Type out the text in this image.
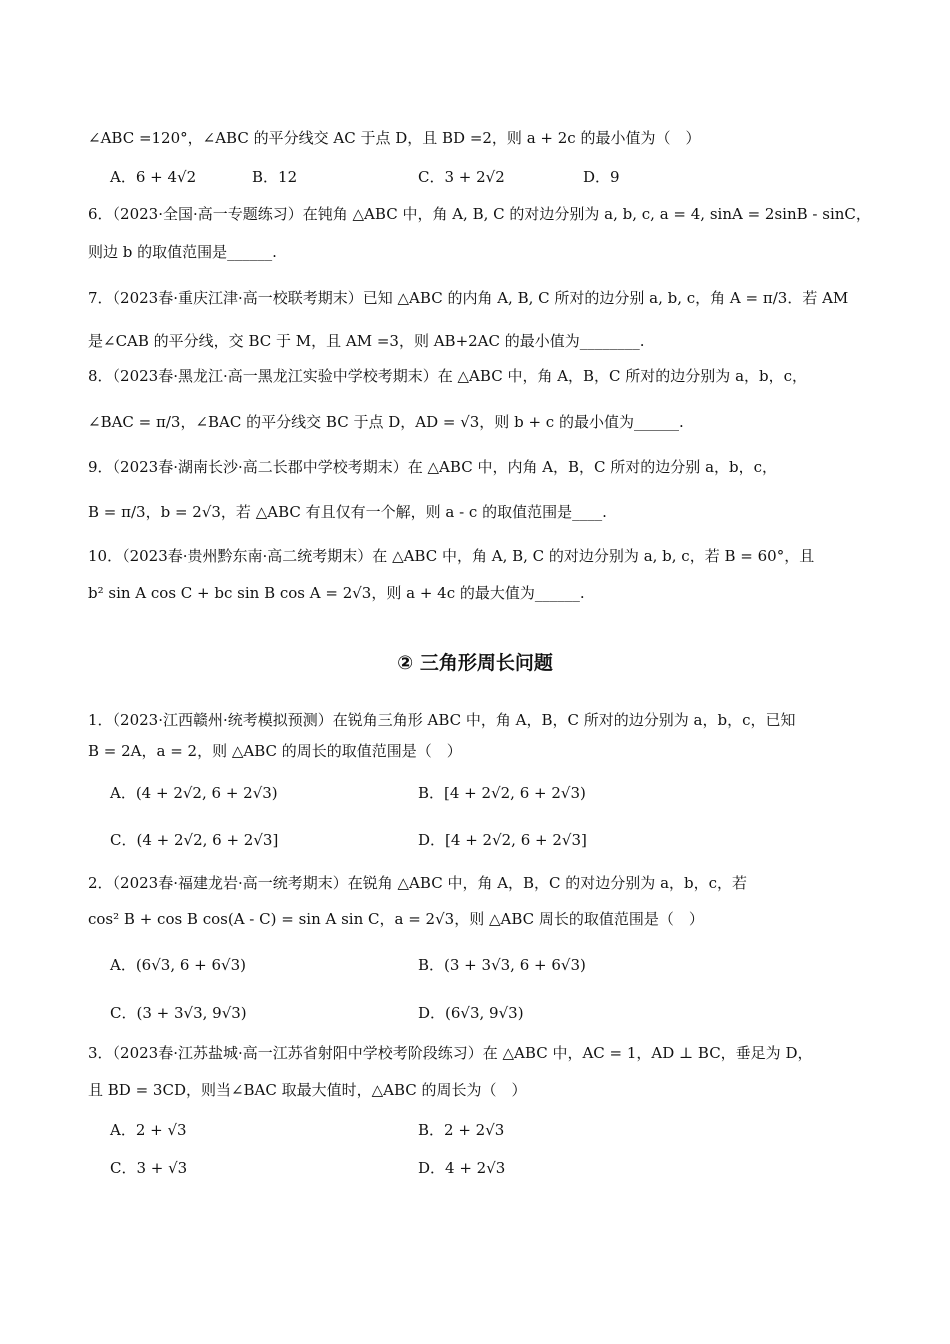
∠ABC =120°，∠ABC 的平分线交 AC 于点 D，且 BD =2，则 a + 2c 的最小值为（　）
A．6 + 4√2	B．12	C．3 + 2√2	D．9
6．（2023·全国·高一专题练习）在钝角 △ABC 中，角 A, B, C 的对边分别为 a, b, c, a = 4, sinA = 2sinB - sinC，
则边 b 的取值范围是______.
7．（2023春·重庆江津·高一校联考期末）已知 △ABC 的内角 A, B, C 所对的边分别 a, b, c，角 A = π/3．若 AM
是∠CAB 的平分线，交 BC 于 M，且 AM =3，则 AB+2AC 的最小值为________.
8．（2023春·黑龙江·高一黑龙江实验中学校考期末）在 △ABC 中，角 A，B，C 所对的边分别为 a，b，c，
∠BAC = π/3，∠BAC 的平分线交 BC 于点 D，AD = √3，则 b + c 的最小值为______.
9．（2023春·湖南长沙·高二长郡中学校考期末）在 △ABC 中，内角 A，B，C 所对的边分别 a，b，c，
B = π/3，b = 2√3，若 △ABC 有且仅有一个解，则 a - c 的取值范围是____.
10．（2023春·贵州黔东南·高二统考期末）在 △ABC 中，角 A, B, C 的对边分别为 a, b, c，若 B = 60°，且
b² sin A cos C + bc sin B cos A = 2√3，则 a + 4c 的最大值为______.
② 三角形周长问题
1．（2023·江西赣州·统考模拟预测）在锐角三角形 ABC 中，角 A，B，C 所对的边分别为 a，b，c，已知
B = 2A，a = 2，则 △ABC 的周长的取值范围是（　）
A．(4 + 2√2, 6 + 2√3)	B．[4 + 2√2, 6 + 2√3)
C．(4 + 2√2, 6 + 2√3]	D．[4 + 2√2, 6 + 2√3]
2．（2023春·福建龙岩·高一统考期末）在锐角 △ABC 中，角 A，B，C 的对边分别为 a，b，c，若
cos² B + cos B cos(A - C) = sin A sin C，a = 2√3，则 △ABC 周长的取值范围是（　）
A．(6√3, 6 + 6√3)	B．(3 + 3√3, 6 + 6√3)
C．(3 + 3√3, 9√3)	D．(6√3, 9√3)
3．（2023春·江苏盐城·高一江苏省射阳中学校考阶段练习）在 △ABC 中，AC = 1，AD ⊥ BC，垂足为 D，
且 BD = 3CD，则当∠BAC 取最大值时，△ABC 的周长为（　）
A．2 + √3	B．2 + 2√3
C．3 + √3	D．4 + 2√3
